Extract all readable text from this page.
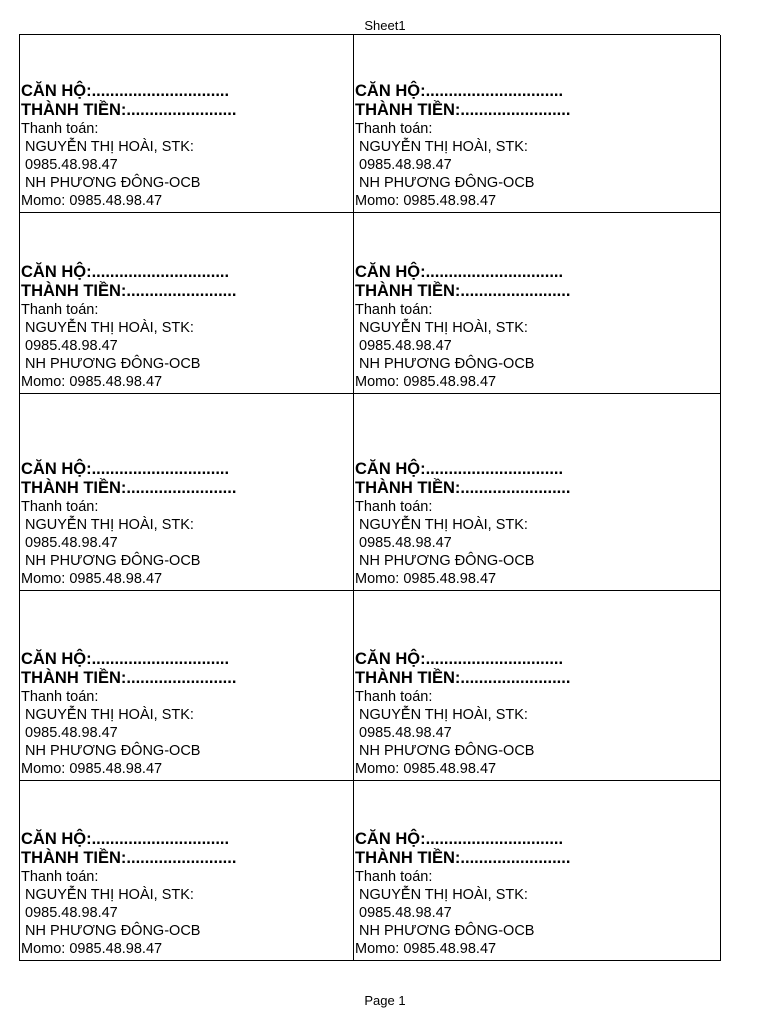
Sheet1
CĂN HỘ:..............................
THÀNH TIỀN:........................
Thanh toán:
NGUYỄN THỊ HOÀI, STK:
0985.48.98.47
NH PHƯƠNG ĐÔNG-OCB
Momo: 0985.48.98.47
CĂN HỘ:..............................
THÀNH TIỀN:........................
Thanh toán:
NGUYỄN THỊ HOÀI, STK:
0985.48.98.47
NH PHƯƠNG ĐÔNG-OCB
Momo: 0985.48.98.47
CĂN HỘ:..............................
THÀNH TIỀN:........................
Thanh toán:
NGUYỄN THỊ HOÀI, STK:
0985.48.98.47
NH PHƯƠNG ĐÔNG-OCB
Momo: 0985.48.98.47
CĂN HỘ:..............................
THÀNH TIỀN:........................
Thanh toán:
NGUYỄN THỊ HOÀI, STK:
0985.48.98.47
NH PHƯƠNG ĐÔNG-OCB
Momo: 0985.48.98.47
CĂN HỘ:..............................
THÀNH TIỀN:........................
Thanh toán:
NGUYỄN THỊ HOÀI, STK:
0985.48.98.47
NH PHƯƠNG ĐÔNG-OCB
Momo: 0985.48.98.47
CĂN HỘ:..............................
THÀNH TIỀN:........................
Thanh toán:
NGUYỄN THỊ HOÀI, STK:
0985.48.98.47
NH PHƯƠNG ĐÔNG-OCB
Momo: 0985.48.98.47
CĂN HỘ:..............................
THÀNH TIỀN:........................
Thanh toán:
NGUYỄN THỊ HOÀI, STK:
0985.48.98.47
NH PHƯƠNG ĐÔNG-OCB
Momo: 0985.48.98.47
CĂN HỘ:..............................
THÀNH TIỀN:........................
Thanh toán:
NGUYỄN THỊ HOÀI, STK:
0985.48.98.47
NH PHƯƠNG ĐÔNG-OCB
Momo: 0985.48.98.47
CĂN HỘ:..............................
THÀNH TIỀN:........................
Thanh toán:
NGUYỄN THỊ HOÀI, STK:
0985.48.98.47
NH PHƯƠNG ĐÔNG-OCB
Momo: 0985.48.98.47
CĂN HỘ:..............................
THÀNH TIỀN:........................
Thanh toán:
NGUYỄN THỊ HOÀI, STK:
0985.48.98.47
NH PHƯƠNG ĐÔNG-OCB
Momo: 0985.48.98.47
Page 1
